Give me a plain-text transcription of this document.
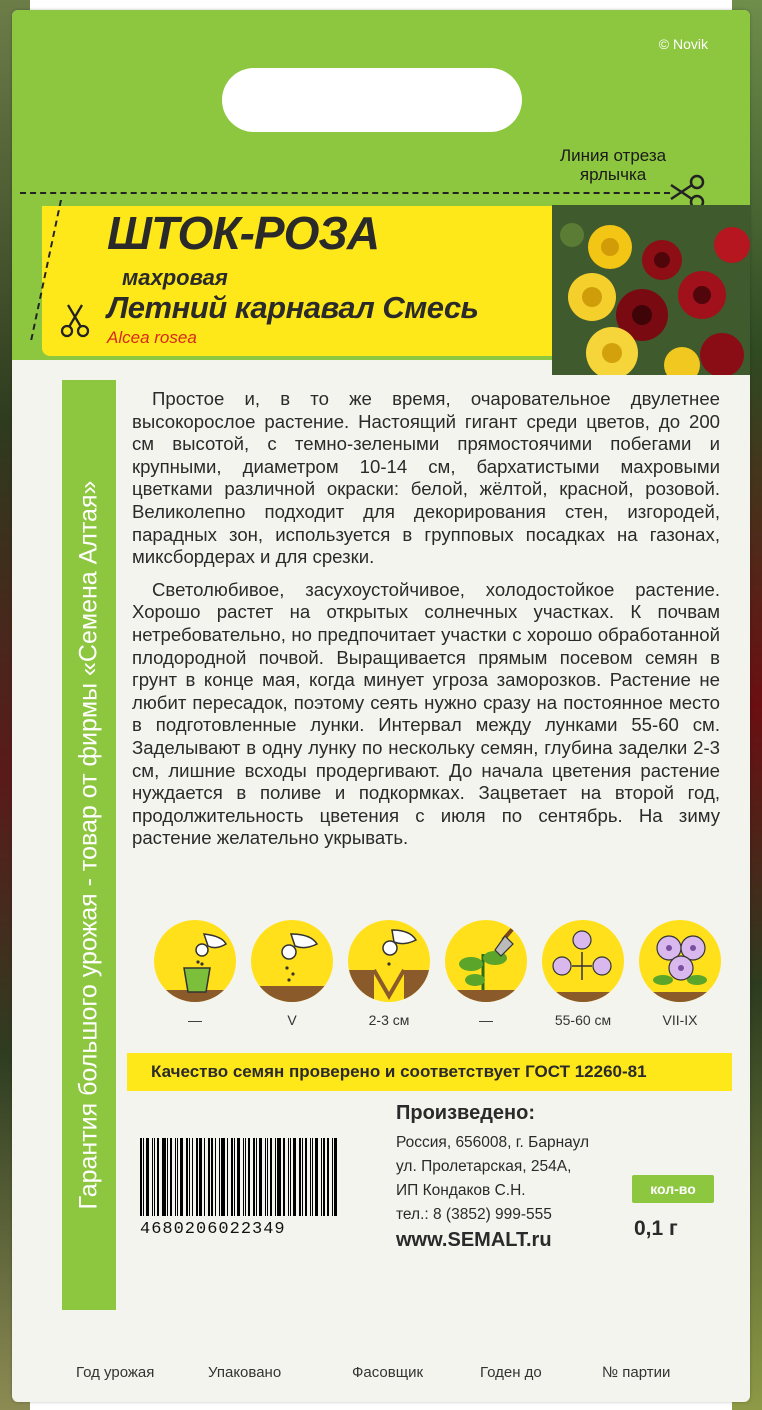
© Novik
Линия отреза
ярлычка
ШТОК-РОЗА
махровая
Летний карнавал Смесь
Alcea rosea
Гарантия большого урожая - товар от фирмы «Семена Алтая»

Простое и, в то же время, очаровательное двулетнее высокорослое растение. Настоящий гигант среди цветов, до 200 см высотой, с темно-зелеными прямостоячими побегами и крупными, диаметром 10-14 см, бархатистыми махровыми цветками различной окраски: белой, жёлтой, красной, розовой. Великолепно подходит для декорирования стен, изгородей, парадных зон, используется в групповых посадках на газонах, миксбордерах и для срезки.

Светолюбивое, засухоустойчивое, холодостойкое растение. Хорошо растет на открытых солнечных участках. К почвам нетребовательно, но предпочитает участки с хорошо обработанной плодородной почвой. Выращивается прямым посевом семян в грунт в конце мая, когда минует угроза заморозков. Растение не любит пересадок, поэтому сеять нужно сразу на постоянное место в подготовленные лунки. Интервал между лунками 55-60 см. Заделывают в одну лунку по нескольку семян, глубина заделки 2-3 см, лишние всходы продергивают. До начала цветения растение нуждается в поливе и подкормках. Зацветает на второй год, продолжительность цветения с июля по сентябрь. На зиму растение желательно укрывать.

—	V	2-3 см	—	55-60 см	VII-IX
Качество семян проверено и соответствует ГОСТ 12260-81
4680206022349
Произведено:
Россия, 656008, г. Барнаул
ул. Пролетарская, 254А,
ИП Кондаков С.Н.
тел.: 8 (3852) 999-555
www.SEMALT.ru
кол-во
0,1 г
Год урожая	Упаковано	Фасовщик	Годен до	№ партии
